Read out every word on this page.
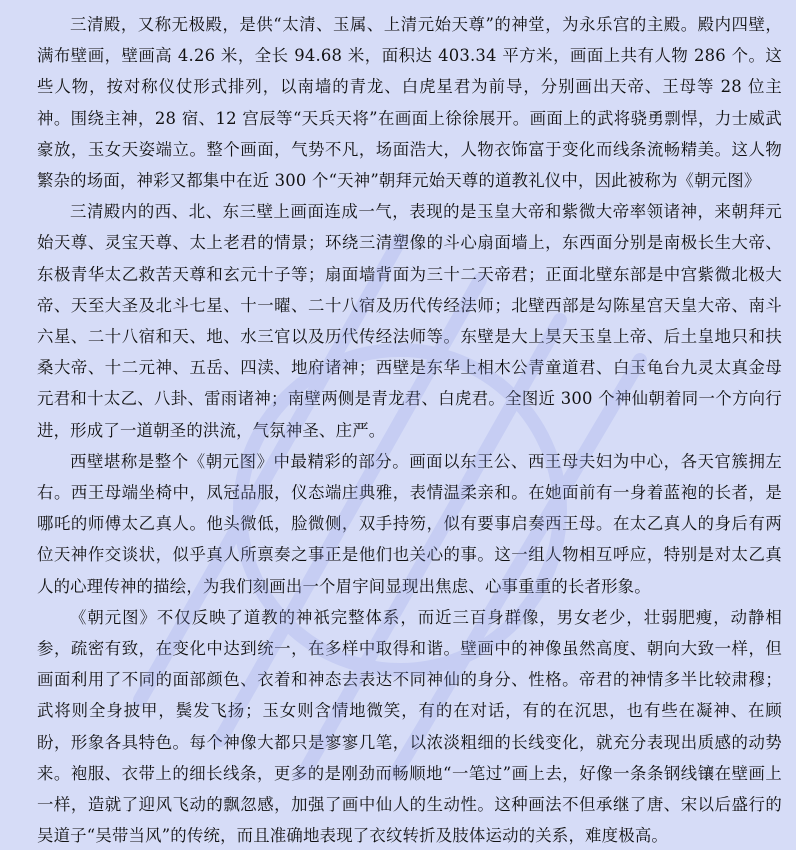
三清殿，又称无极殿，是供“太清、玉属、上清元始天尊”的神堂，为永乐宫的主殿。殿内四壁，满布壁画，壁画高 4.26 米，全长 94.68 米，面积达 403.34 平方米，画面上共有人物 286 个。这些人物，按对称仪仗形式排列，以南墙的青龙、白虎星君为前导，分别画出天帝、王母等 28 位主神。围绕主神，28 宿、12 宫辰等“天兵天将”在画面上徐徐展开。画面上的武将骁勇剽悍，力士威武豪放，玉女天姿端立。整个画面，气势不凡，场面浩大，人物衣饰富于变化而线条流畅精美。这人物繁杂的场面，神彩又都集中在近 300 个“天神”朝拜元始天尊的道教礼仪中，因此被称为《朝元图》

三清殿内的西、北、东三壁上画面连成一气，表现的是玉皇大帝和紫微大帝率领诸神，来朝拜元始天尊、灵宝天尊、太上老君的情景；环绕三清塑像的斗心扇面墙上，东西面分别是南极长生大帝、东极青华太乙救苦天尊和玄元十子等；扇面墙背面为三十二天帝君；正面北壁东部是中宫紫微北极大帝、天至大圣及北斗七星、十一曜、二十八宿及历代传经法师；北壁西部是勾陈星宫天皇大帝、南斗六星、二十八宿和天、地、水三官以及历代传经法师等。东壁是大上昊天玉皇上帝、后土皇地只和扶桑大帝、十二元神、五岳、四渎、地府诸神；西壁是东华上相木公青童道君、白玉龟台九灵太真金母元君和十太乙、八卦、雷雨诸神；南壁两侧是青龙君、白虎君。全图近 300 个神仙朝着同一个方向行进，形成了一道朝圣的洪流，气氛神圣、庄严。

西壁堪称是整个《朝元图》中最精彩的部分。画面以东王公、西王母夫妇为中心，各天官簇拥左右。西王母端坐椅中，凤冠品服，仪态端庄典雅，表情温柔亲和。在她面前有一身着蓝袍的长者，是哪吒的师傅太乙真人。他头微低，脸微侧，双手持笏，似有要事启奏西王母。在太乙真人的身后有两位天神作交谈状，似乎真人所禀奏之事正是他们也关心的事。这一组人物相互呼应，特别是对太乙真人的心理传神的描绘，为我们刻画出一个眉宇间显现出焦虑、心事重重的长者形象。

《朝元图》不仅反映了道教的神祇完整体系，而近三百身群像，男女老少，壮弱肥瘦，动静相参，疏密有致，在变化中达到统一，在多样中取得和谐。壁画中的神像虽然高度、朝向大致一样，但画面利用了不同的面部颜色、衣着和神态去表达不同神仙的身分、性格。帝君的神情多半比较肃穆；武将则全身披甲，鬓发飞扬；玉女则含情地微笑，有的在对话，有的在沉思，也有些在凝神、在顾盼，形象各具特色。每个神像大都只是寥寥几笔，以浓淡粗细的长线变化，就充分表现出质感的动势来。袍服、衣带上的细长线条，更多的是刚劲而畅顺地“一笔过”画上去，好像一条条钢线镶在壁画上一样，造就了迎风飞动的飘忽感，加强了画中仙人的生动性。这种画法不但承继了唐、宋以后盛行的吴道子“吴带当风”的传统，而且准确地表现了衣纹转折及肢体运动的关系，难度极高。
